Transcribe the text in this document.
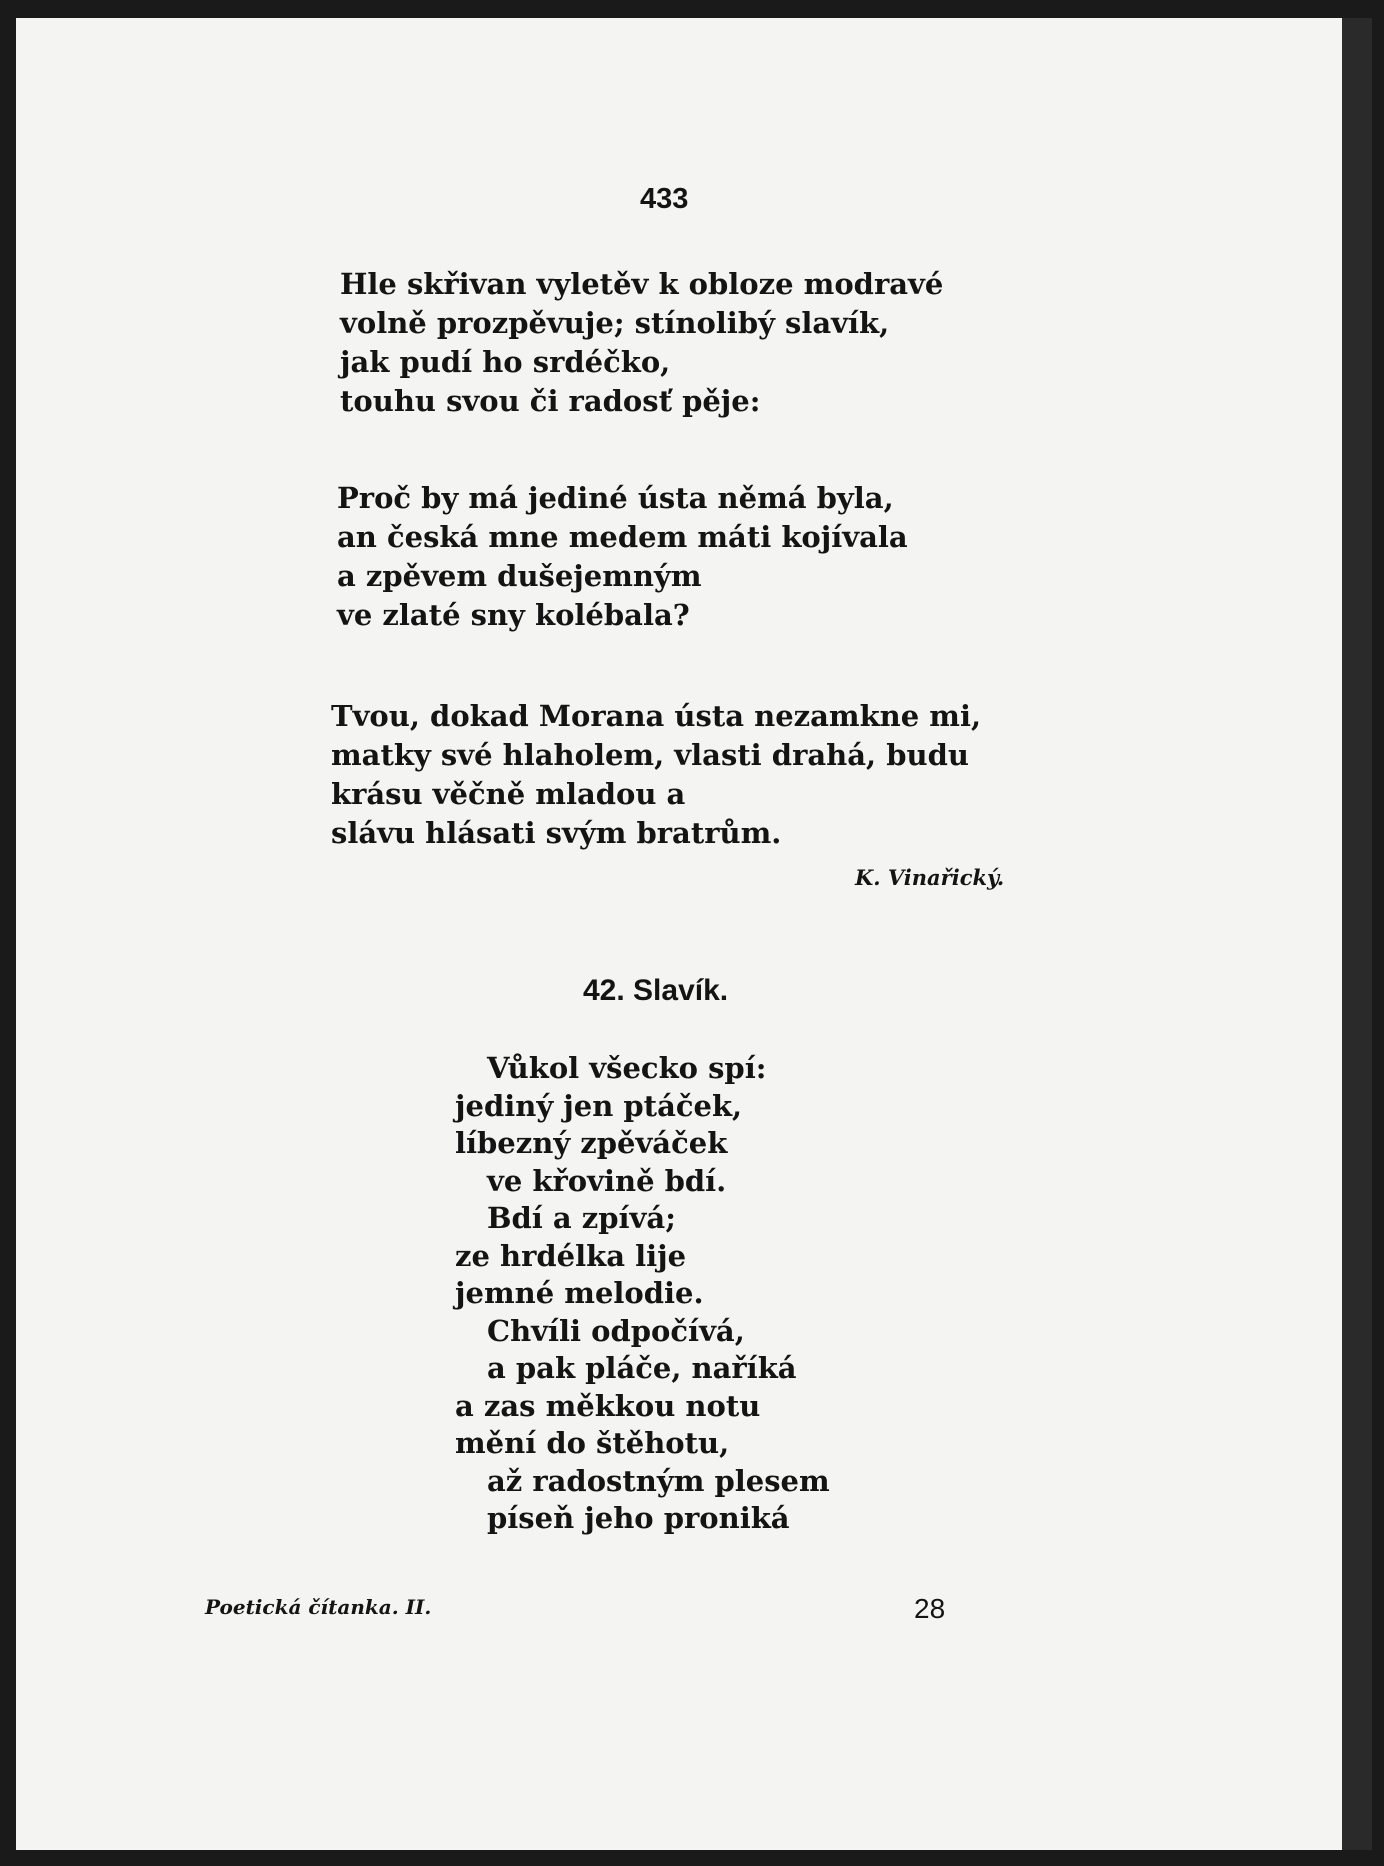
433
Hle skřivan vyletěv k obloze modravé
volně prozpěvuje; stínolibý slavík,
jak pudí ho srdéčko,
touhu svou či radosť pěje:
Proč by má jediné ústa němá byla,
an česká mne medem máti kojívala
a zpěvem dušejemným
ve zlaté sny kolébala?
Tvou, dokad Morana ústa nezamkne mi,
matky své hlaholem, vlasti drahá, budu
krásu věčně mladou a
slávu hlásati svým bratrům.
K. Vinařický.
42. Slavík.
Vůkol všecko spí:
jediný jen ptáček,
líbezný zpěváček
ve křovině bdí.
Bdí a zpívá;
ze hrdélka lije
jemné melodie.
Chvíli odpočívá,
a pak pláče, naříká
a zas měkkou notu
mění do štěhotu,
až radostným plesem
píseň jeho proniká
Poetická čítanka. II.	28
